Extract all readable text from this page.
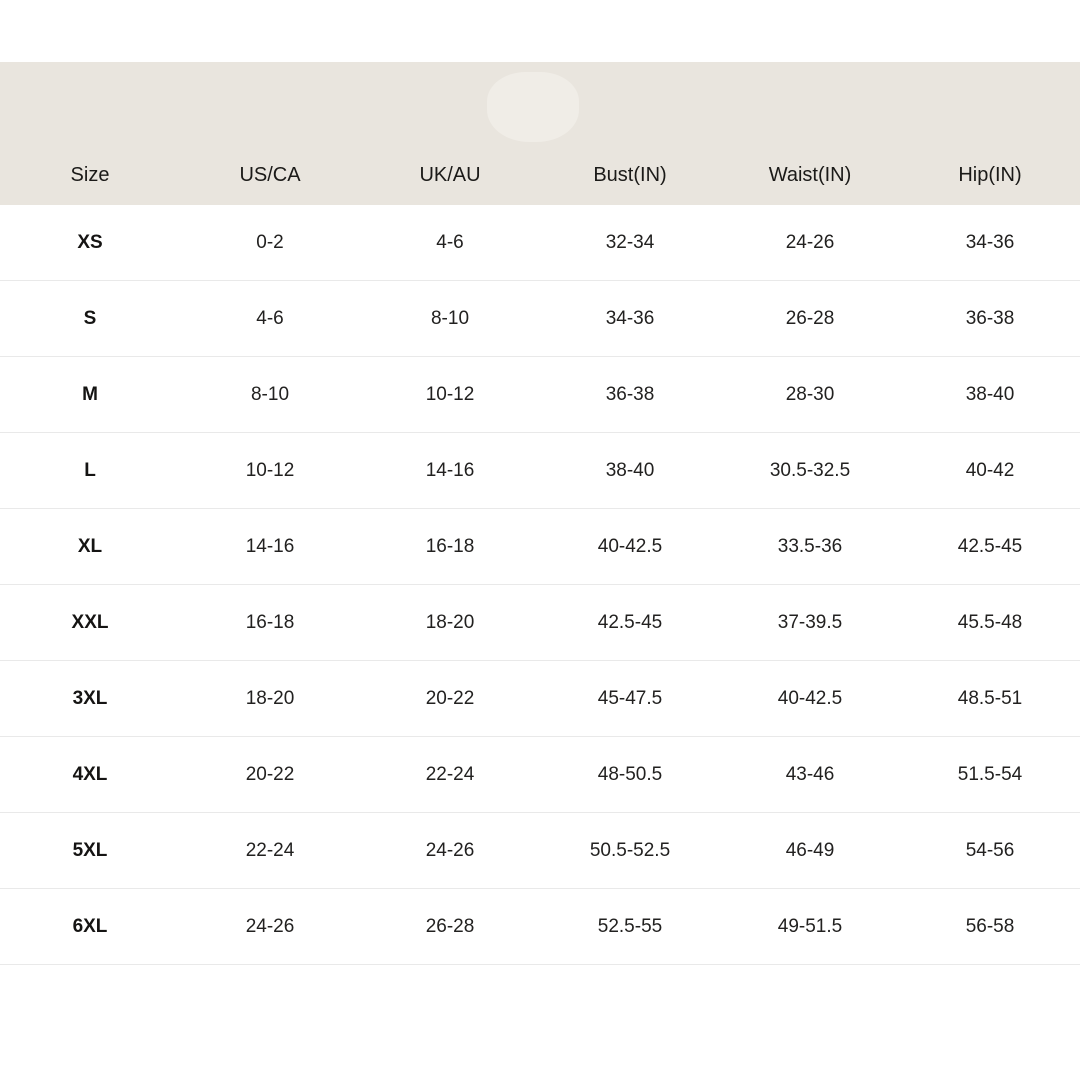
Size	US/CA	UK/AU	Bust(IN)	Waist(IN)	Hip(IN)
XS	0-2	4-6	32-34	24-26	34-36
S	4-6	8-10	34-36	26-28	36-38
M	8-10	10-12	36-38	28-30	38-40
L	10-12	14-16	38-40	30.5-32.5	40-42
XL	14-16	16-18	40-42.5	33.5-36	42.5-45
XXL	16-18	18-20	42.5-45	37-39.5	45.5-48
3XL	18-20	20-22	45-47.5	40-42.5	48.5-51
4XL	20-22	22-24	48-50.5	43-46	51.5-54
5XL	22-24	24-26	50.5-52.5	46-49	54-56
6XL	24-26	26-28	52.5-55	49-51.5	56-58
